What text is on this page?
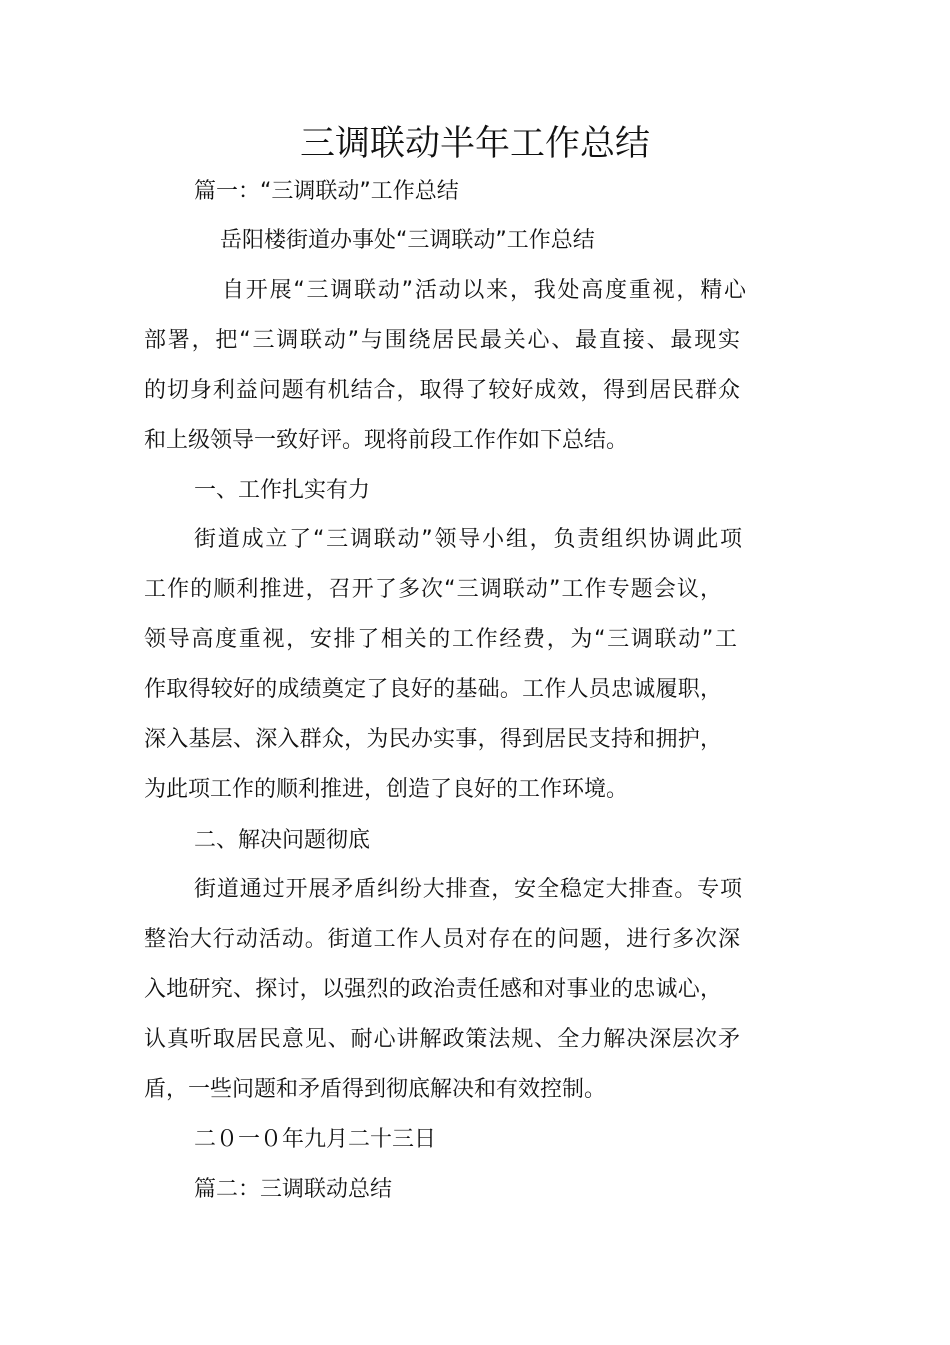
三调联动半年工作总结

篇一：“三调联动”工作总结

岳阳楼街道办事处“三调联动”工作总结

自开展“三调联动”活动以来，我处高度重视，精心

部署，把“三调联动”与围绕居民最关心、最直接、最现实

的切身利益问题有机结合，取得了较好成效，得到居民群众

和上级领导一致好评。现将前段工作作如下总结。

一、工作扎实有力

街道成立了“三调联动”领导小组，负责组织协调此项

工作的顺利推进，召开了多次“三调联动”工作专题会议，

领导高度重视，安排了相关的工作经费，为“三调联动”工

作取得较好的成绩奠定了良好的基础。工作人员忠诚履职，

深入基层、深入群众，为民办实事，得到居民支持和拥护，

为此项工作的顺利推进，创造了良好的工作环境。

二、解决问题彻底

街道通过开展矛盾纠纷大排查，安全稳定大排查。专项

整治大行动活动。街道工作人员对存在的问题，进行多次深

入地研究、探讨，以强烈的政治责任感和对事业的忠诚心，

认真听取居民意见、耐心讲解政策法规、全力解决深层次矛

盾，一些问题和矛盾得到彻底解决和有效控制。

二０一０年九月二十三日

篇二：三调联动总结
